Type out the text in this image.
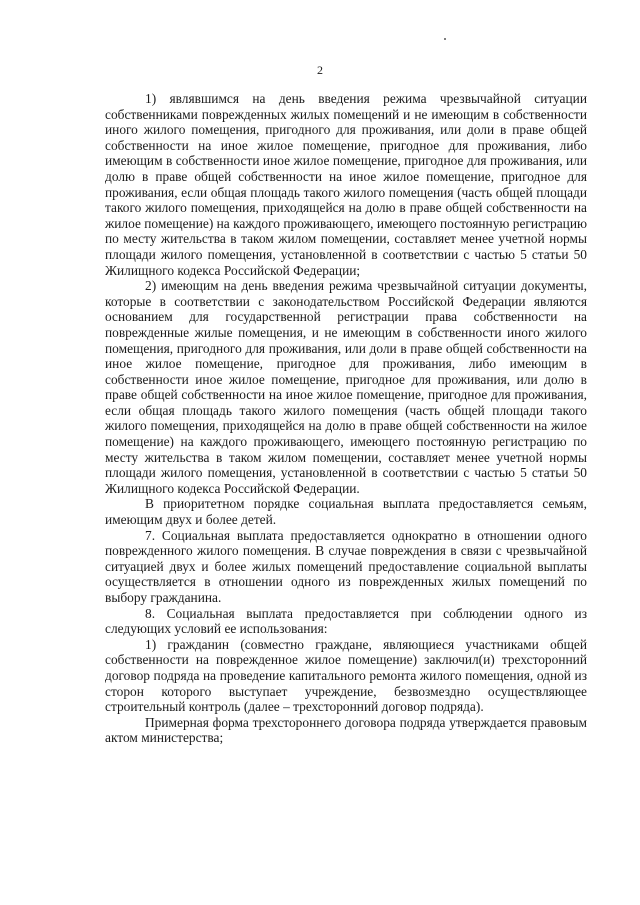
2

1) являвшимся на день введения режима чрезвычайной ситуации собственниками поврежденных жилых помещений и не имеющим в собственности иного жилого помещения, пригодного для проживания, или доли в праве общей собственности на иное жилое помещение, пригодное для проживания, либо имеющим в собственности иное жилое помещение, пригодное для проживания, или долю в праве общей собственности на иное жилое помещение, пригодное для проживания, если общая площадь такого жилого помещения (часть общей площади такого жилого помещения, приходящейся на долю в праве общей собственности на жилое помещение) на каждого проживающего, имеющего постоянную регистрацию по месту жительства в таком жилом помещении, составляет менее учетной нормы площади жилого помещения, установленной в соответствии с частью 5 статьи 50 Жилищного кодекса Российской Федерации;

2) имеющим на день введения режима чрезвычайной ситуации документы, которые в соответствии с законодательством Российской Федерации являются основанием для государственной регистрации права собственности на поврежденные жилые помещения, и не имеющим в собственности иного жилого помещения, пригодного для проживания, или доли в праве общей собственности на иное жилое помещение, пригодное для проживания, либо имеющим в собственности иное жилое помещение, пригодное для проживания, или долю в праве общей собственности на иное жилое помещение, пригодное для проживания, если общая площадь такого жилого помещения (часть общей площади такого жилого помещения, приходящейся на долю в праве общей собственности на жилое помещение) на каждого проживающего, имеющего постоянную регистрацию по месту жительства в таком жилом помещении, составляет менее учетной нормы площади жилого помещения, установленной в соответствии с частью 5 статьи 50 Жилищного кодекса Российской Федерации.

В приоритетном порядке социальная выплата предоставляется семьям, имеющим двух и более детей.

7. Социальная выплата предоставляется однократно в отношении одного поврежденного жилого помещения. В случае повреждения в связи с чрезвычайной ситуацией двух и более жилых помещений предоставление социальной выплаты осуществляется в отношении одного из поврежденных жилых помещений по выбору гражданина.

8. Социальная выплата предоставляется при соблюдении одного из следующих условий ее использования:

1) гражданин (совместно граждане, являющиеся участниками общей собственности на поврежденное жилое помещение) заключил(и) трехсторонний договор подряда на проведение капитального ремонта жилого помещения, одной из сторон которого выступает учреждение, безвозмездно осуществляющее строительный контроль (далее – трехсторонний договор подряда).

Примерная форма трехстороннего договора подряда утверждается правовым актом министерства;
